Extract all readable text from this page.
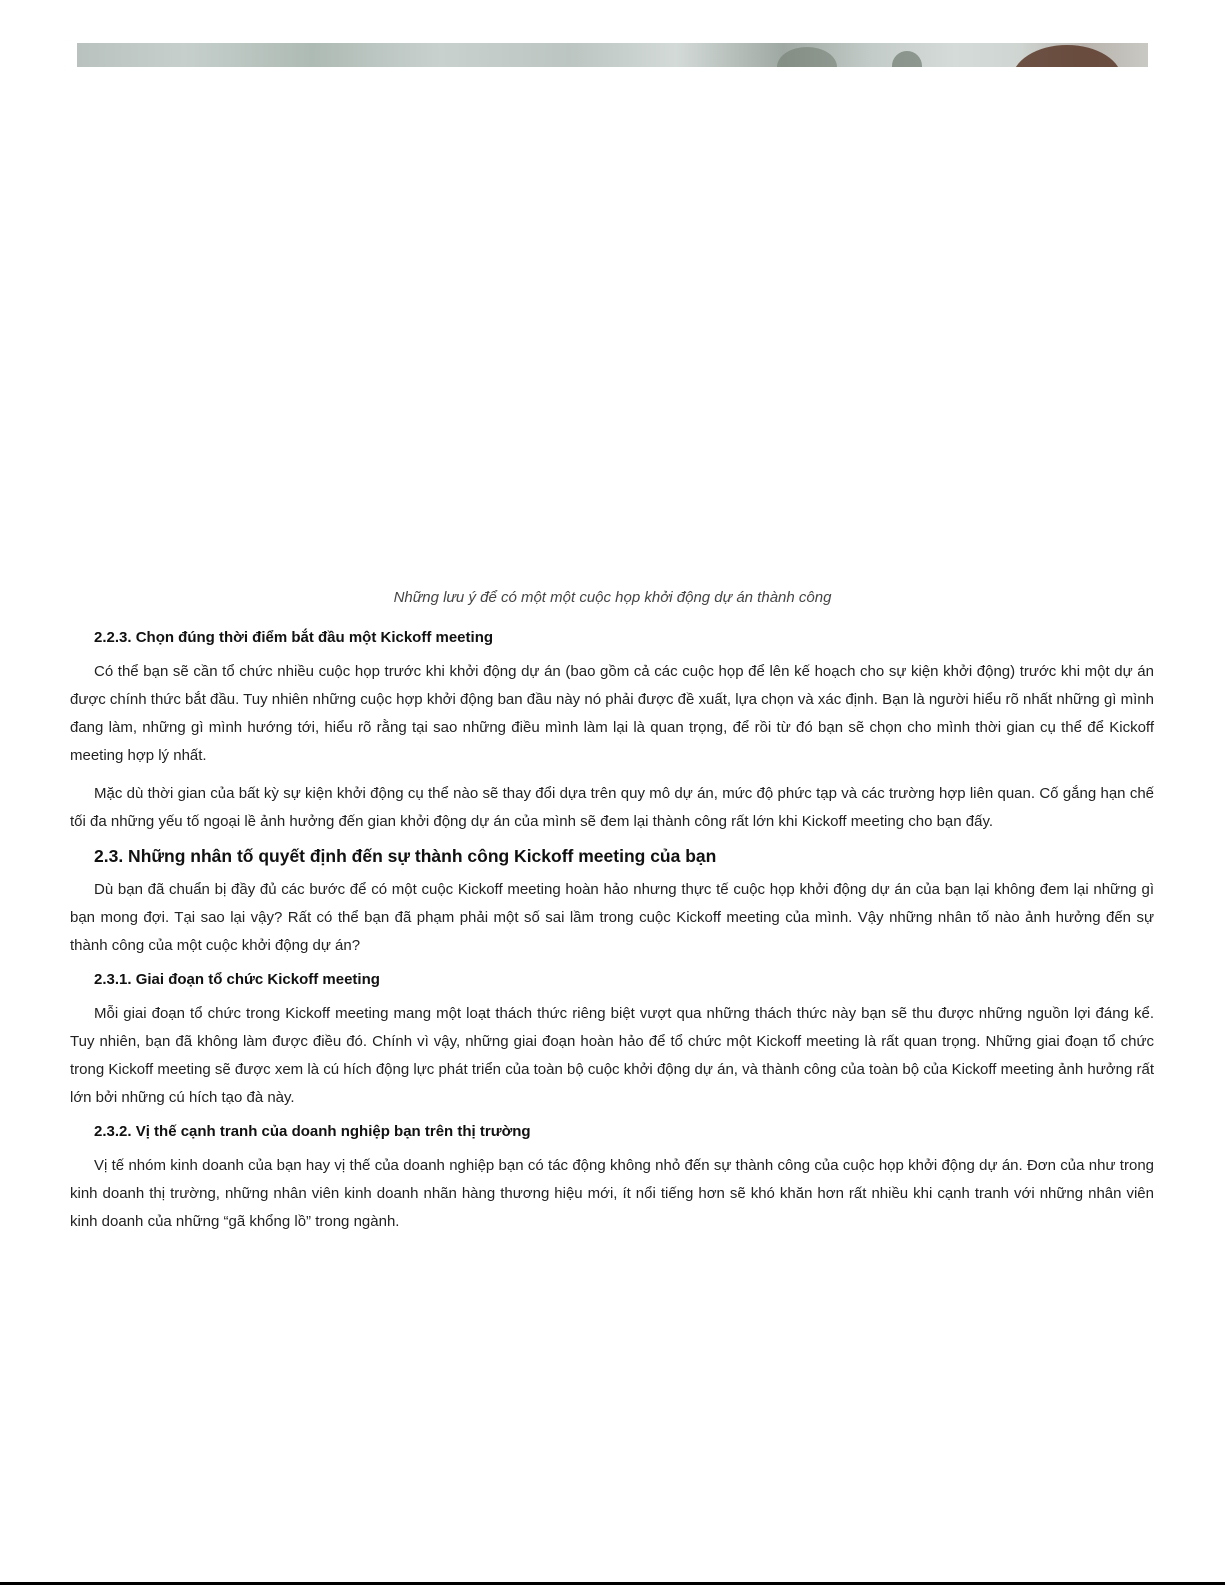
Những lưu ý để có một một cuộc họp khởi động dự án thành công
2.2.3. Chọn đúng thời điểm bắt đầu một Kickoff meeting

Có thể bạn sẽ cần tổ chức nhiều cuộc họp trước khi khởi động dự án (bao gồm cả các cuộc họp để lên kế hoạch cho sự kiện khởi động) trước khi một dự án được chính thức bắt đầu. Tuy nhiên những cuộc hợp khởi động ban đầu này nó phải được đề xuất, lựa chọn và xác định. Bạn là người hiểu rõ nhất những gì mình đang làm, những gì mình hướng tới, hiểu rõ rằng tại sao những điều mình làm lại là quan trọng, để rồi từ đó bạn sẽ chọn cho mình thời gian cụ thể để Kickoff meeting hợp lý nhất.

Mặc dù thời gian của bất kỳ sự kiện khởi động cụ thể nào sẽ thay đổi dựa trên quy mô dự án, mức độ phức tạp và các trường hợp liên quan. Cố gắng hạn chế tối đa những yếu tố ngoại lề ảnh hưởng đến gian khởi động dự án của mình sẽ đem lại thành công rất lớn khi Kickoff meeting cho bạn đấy.

2.3. Những nhân tố quyết định đến sự thành công Kickoff meeting của bạn

Dù bạn đã chuẩn bị đầy đủ các bước để có một cuộc Kickoff meeting hoàn hảo nhưng thực tế cuộc họp khởi động dự án của bạn lại không đem lại những gì bạn mong đợi. Tại sao lại vậy? Rất có thể bạn đã phạm phải một số sai lầm trong cuộc Kickoff meeting của mình. Vậy những nhân tố nào ảnh hưởng đến sự thành công của một cuộc khởi động dự án?

2.3.1. Giai đoạn tổ chức Kickoff meeting

Mỗi giai đoạn tổ chức trong Kickoff meeting mang một loạt thách thức riêng biệt vượt qua những thách thức này bạn sẽ thu được những nguồn lợi đáng kể. Tuy nhiên, bạn đã không làm được điều đó. Chính vì vậy, những giai đoạn hoàn hảo để tổ chức một Kickoff meeting là rất quan trọng. Những giai đoạn tổ chức trong Kickoff meeting sẽ được xem là cú hích động lực phát triển của toàn bộ cuộc khởi động dự án, và thành công của toàn bộ của Kickoff meeting ảnh hưởng rất lớn bởi những cú hích tạo đà này.

2.3.2. Vị thế cạnh tranh của doanh nghiệp bạn trên thị trường

Vị tế nhóm kinh doanh của bạn hay vị thế của doanh nghiệp bạn có tác động không nhỏ đến sự thành công của cuộc họp khởi động dự án. Đơn của như trong kinh doanh thị trường, những nhân viên kinh doanh nhãn hàng thương hiệu mới, ít nổi tiếng hơn sẽ khó khăn hơn rất nhiều khi cạnh tranh với những nhân viên kinh doanh của những “gã khổng lồ” trong ngành.
